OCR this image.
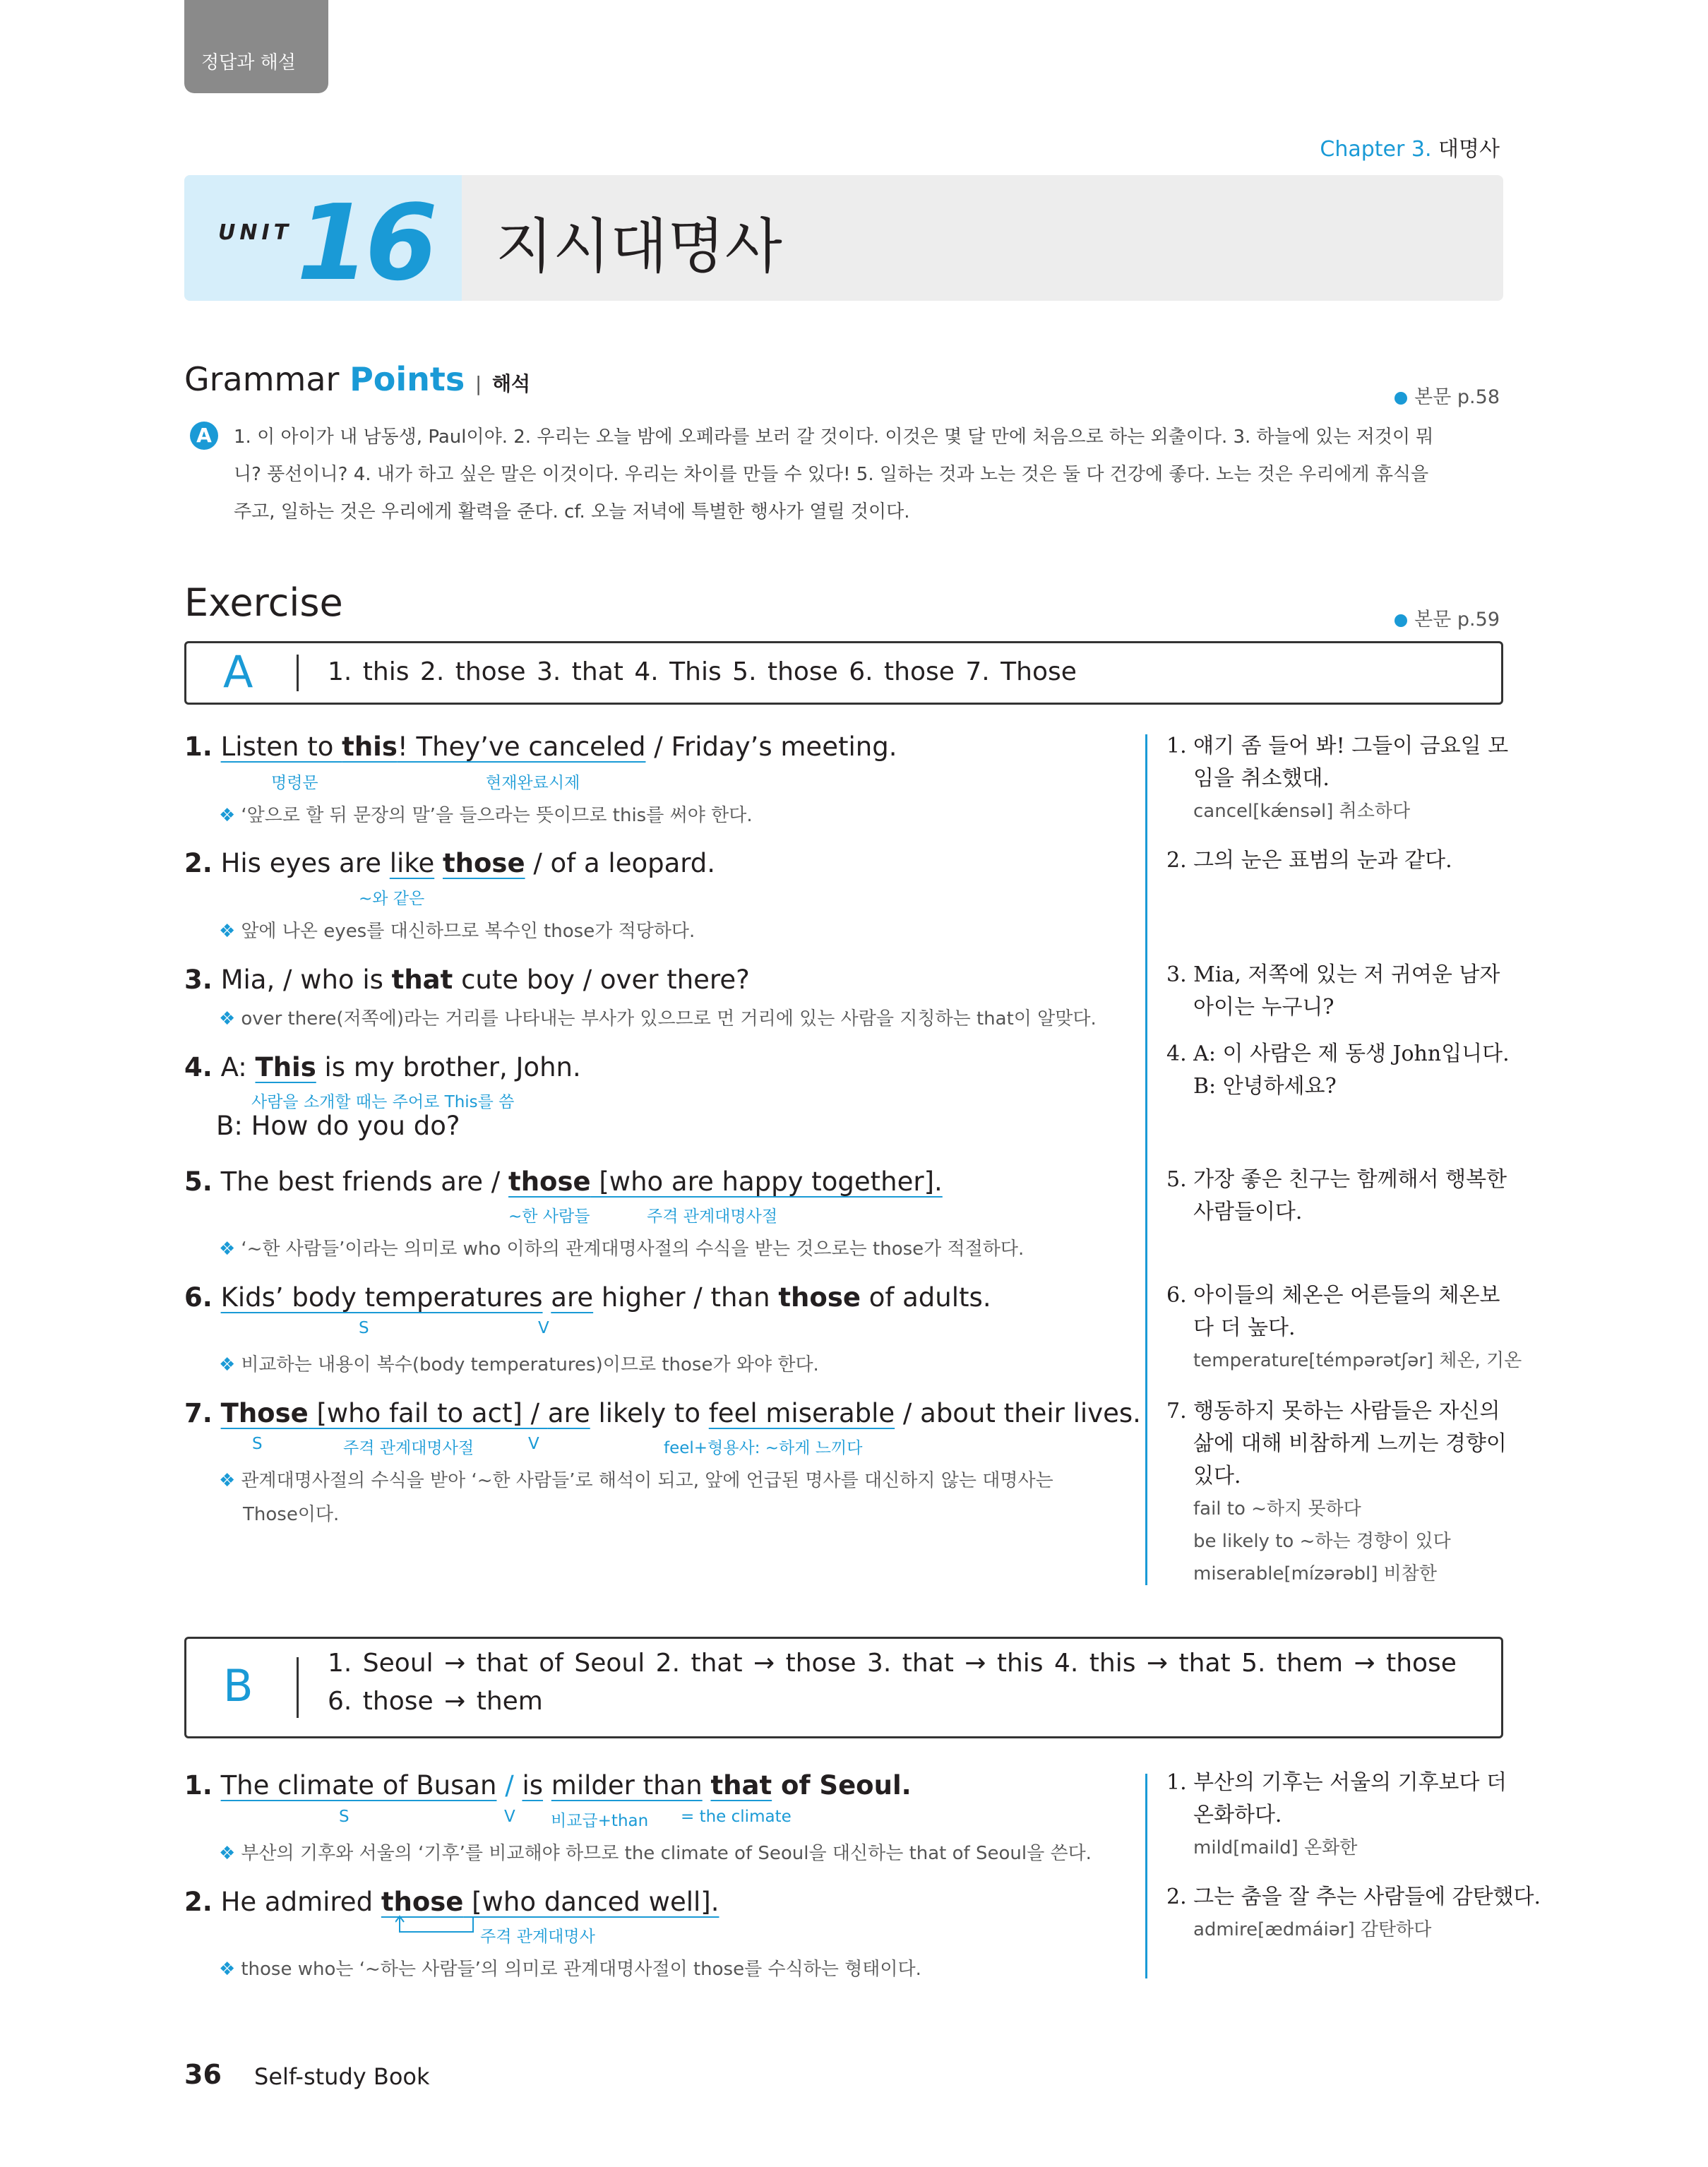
정답과 해설
Chapter 3. 대명사
UNIT 16 지시대명사
Grammar Points | 해석
본문 p.58
A	1. 이 아이가 내 남동생, Paul이야. 2. 우리는 오늘 밤에 오페라를 보러 갈 것이다. 이것은 몇 달 만에 처음으로 하는 외출이다. 3. 하늘에 있는 저것이 뭐
니? 풍선이니? 4. 내가 하고 싶은 말은 이것이다. 우리는 차이를 만들 수 있다! 5. 일하는 것과 노는 것은 둘 다 건강에 좋다. 노는 것은 우리에게 휴식을
주고, 일하는 것은 우리에게 활력을 준다. cf. 오늘 저녁에 특별한 행사가 열릴 것이다.
Exercise	본문 p.59
A	1. this 2. those 3. that 4. This 5. those 6. those 7. Those
1. Listen to this! They’ve canceled / Friday’s meeting.
명령문	현재완료시제
❖ ‘앞으로 할 뒤 문장의 말’을 들으라는 뜻이므로 this를 써야 한다.
2. His eyes are like those / of a leopard.
~와 같은
❖ 앞에 나온 eyes를 대신하므로 복수인 those가 적당하다.
3. Mia, / who is that cute boy / over there?
❖ over there(저쪽에)라는 거리를 나타내는 부사가 있으므로 먼 거리에 있는 사람을 지칭하는 that이 알맞다.
4. A: This is my brother, John.
사람을 소개할 때는 주어로 This를 씀
B: How do you do?
5. The best friends are / those [who are happy together].
~한 사람들	주격 관계대명사절
❖ ‘~한 사람들’이라는 의미로 who 이하의 관계대명사절의 수식을 받는 것으로는 those가 적절하다.
6. Kids’ body temperatures are higher / than those of adults.
S	V
❖ 비교하는 내용이 복수(body temperatures)이므로 those가 와야 한다.
7. Those [who fail to act] / are likely to feel miserable / about their lives.
S	주격 관계대명사절	V	feel+형용사: ~하게 느끼다
❖ 관계대명사절의 수식을 받아 ‘~한 사람들’로 해석이 되고, 앞에 언급된 명사를 대신하지 않는 대명사는
Those이다.
1. 얘기 좀 들어 봐! 그들이 금요일 모
임을 취소했대.
cancel[kǽnsəl] 취소하다
2. 그의 눈은 표범의 눈과 같다.
3. Mia, 저쪽에 있는 저 귀여운 남자
아이는 누구니?
4. A: 이 사람은 제 동생 John입니다.
B: 안녕하세요?
5. 가장 좋은 친구는 함께해서 행복한
사람들이다.
6. 아이들의 체온은 어른들의 체온보
다 더 높다.
temperature[témpərətʃər] 체온, 기온
7. 행동하지 못하는 사람들은 자신의
삶에 대해 비참하게 느끼는 경향이
있다.
fail to ~하지 못하다
be likely to ~하는 경향이 있다
miserable[mízərəbl] 비참한
B	1. Seoul → that of Seoul 2. that → those 3. that → this 4. this → that 5. them → those
6. those → them
1. The climate of Busan / is milder than that of Seoul.
S	V 비교급+than = the climate
❖ 부산의 기후와 서울의 ‘기후’를 비교해야 하므로 the climate of Seoul을 대신하는 that of Seoul을 쓴다.
2. He admired those [who danced well].
주격 관계대명사
❖ those who는 ‘~하는 사람들’의 의미로 관계대명사절이 those를 수식하는 형태이다.
1. 부산의 기후는 서울의 기후보다 더
온화하다.
mild[maild] 온화한
2. 그는 춤을 잘 추는 사람들에 감탄했다.
admire[ædmáiər] 감탄하다
36 Self-study Book
